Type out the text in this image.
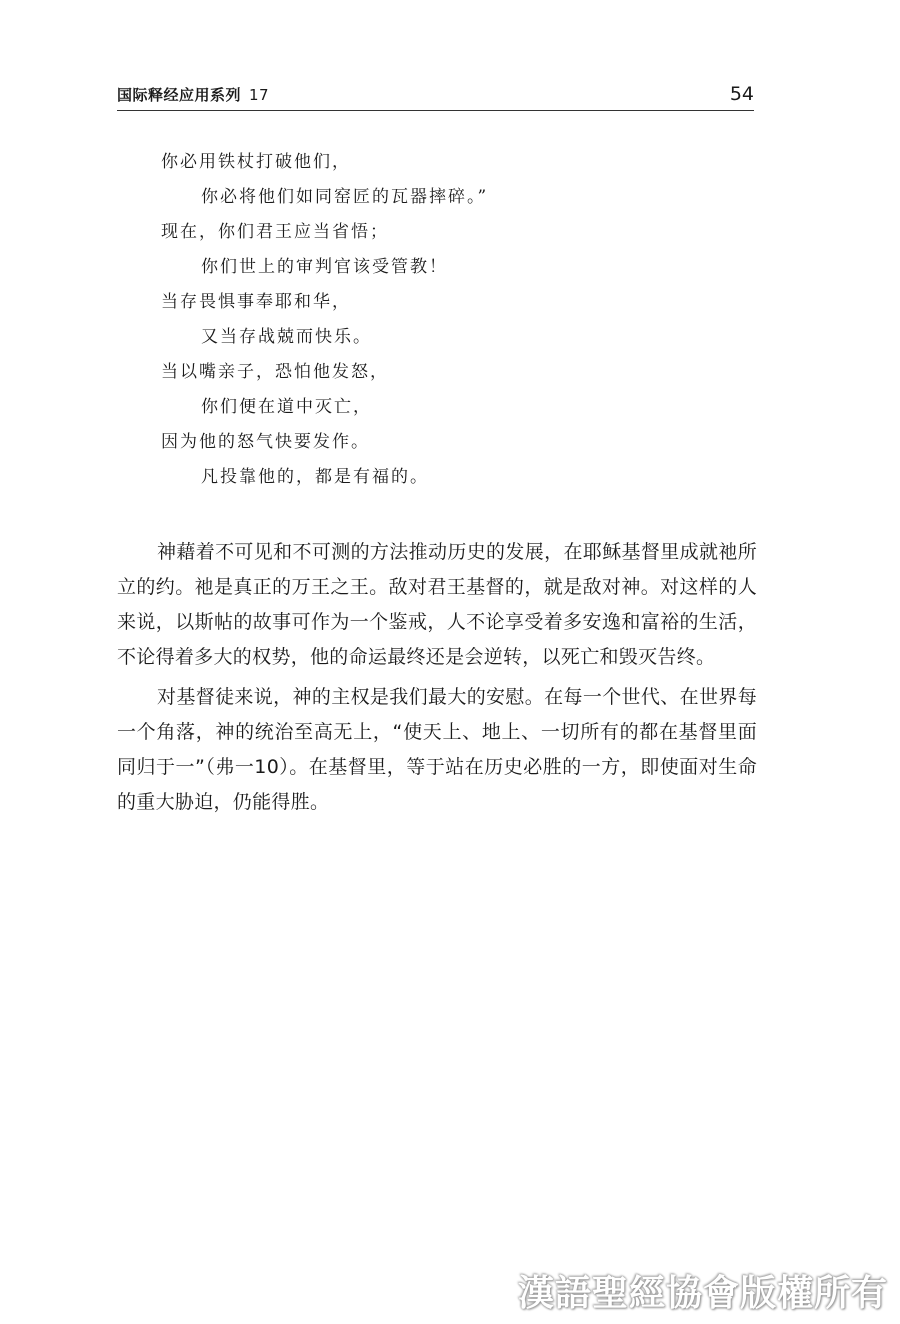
国际释经应用系列 17	54
你必用铁杖打破他们，
你必将他们如同窑匠的瓦器摔碎。”
现在，你们君王应当省悟；
你们世上的审判官该受管教！
当存畏惧事奉耶和华，
又当存战兢而快乐。
当以嘴亲子，恐怕他发怒，
你们便在道中灭亡，
因为他的怒气快要发作。
凡投靠他的，都是有福的。

神藉着不可见和不可测的方法推动历史的发展，在耶稣基督里成就祂所立的约。祂是真正的万王之王。敌对君王基督的，就是敌对神。对这样的人来说，以斯帖的故事可作为一个鉴戒，人不论享受着多安逸和富裕的生活，不论得着多大的权势，他的命运最终还是会逆转，以死亡和毁灭告终。

对基督徒来说，神的主权是我们最大的安慰。在每一个世代、在世界每一个角落，神的统治至高无上，“使天上、地上、一切所有的都在基督里面同归于一”（弗一10）。在基督里，等于站在历史必胜的一方，即使面对生命的重大胁迫，仍能得胜。

漢語聖經協會版權所有
